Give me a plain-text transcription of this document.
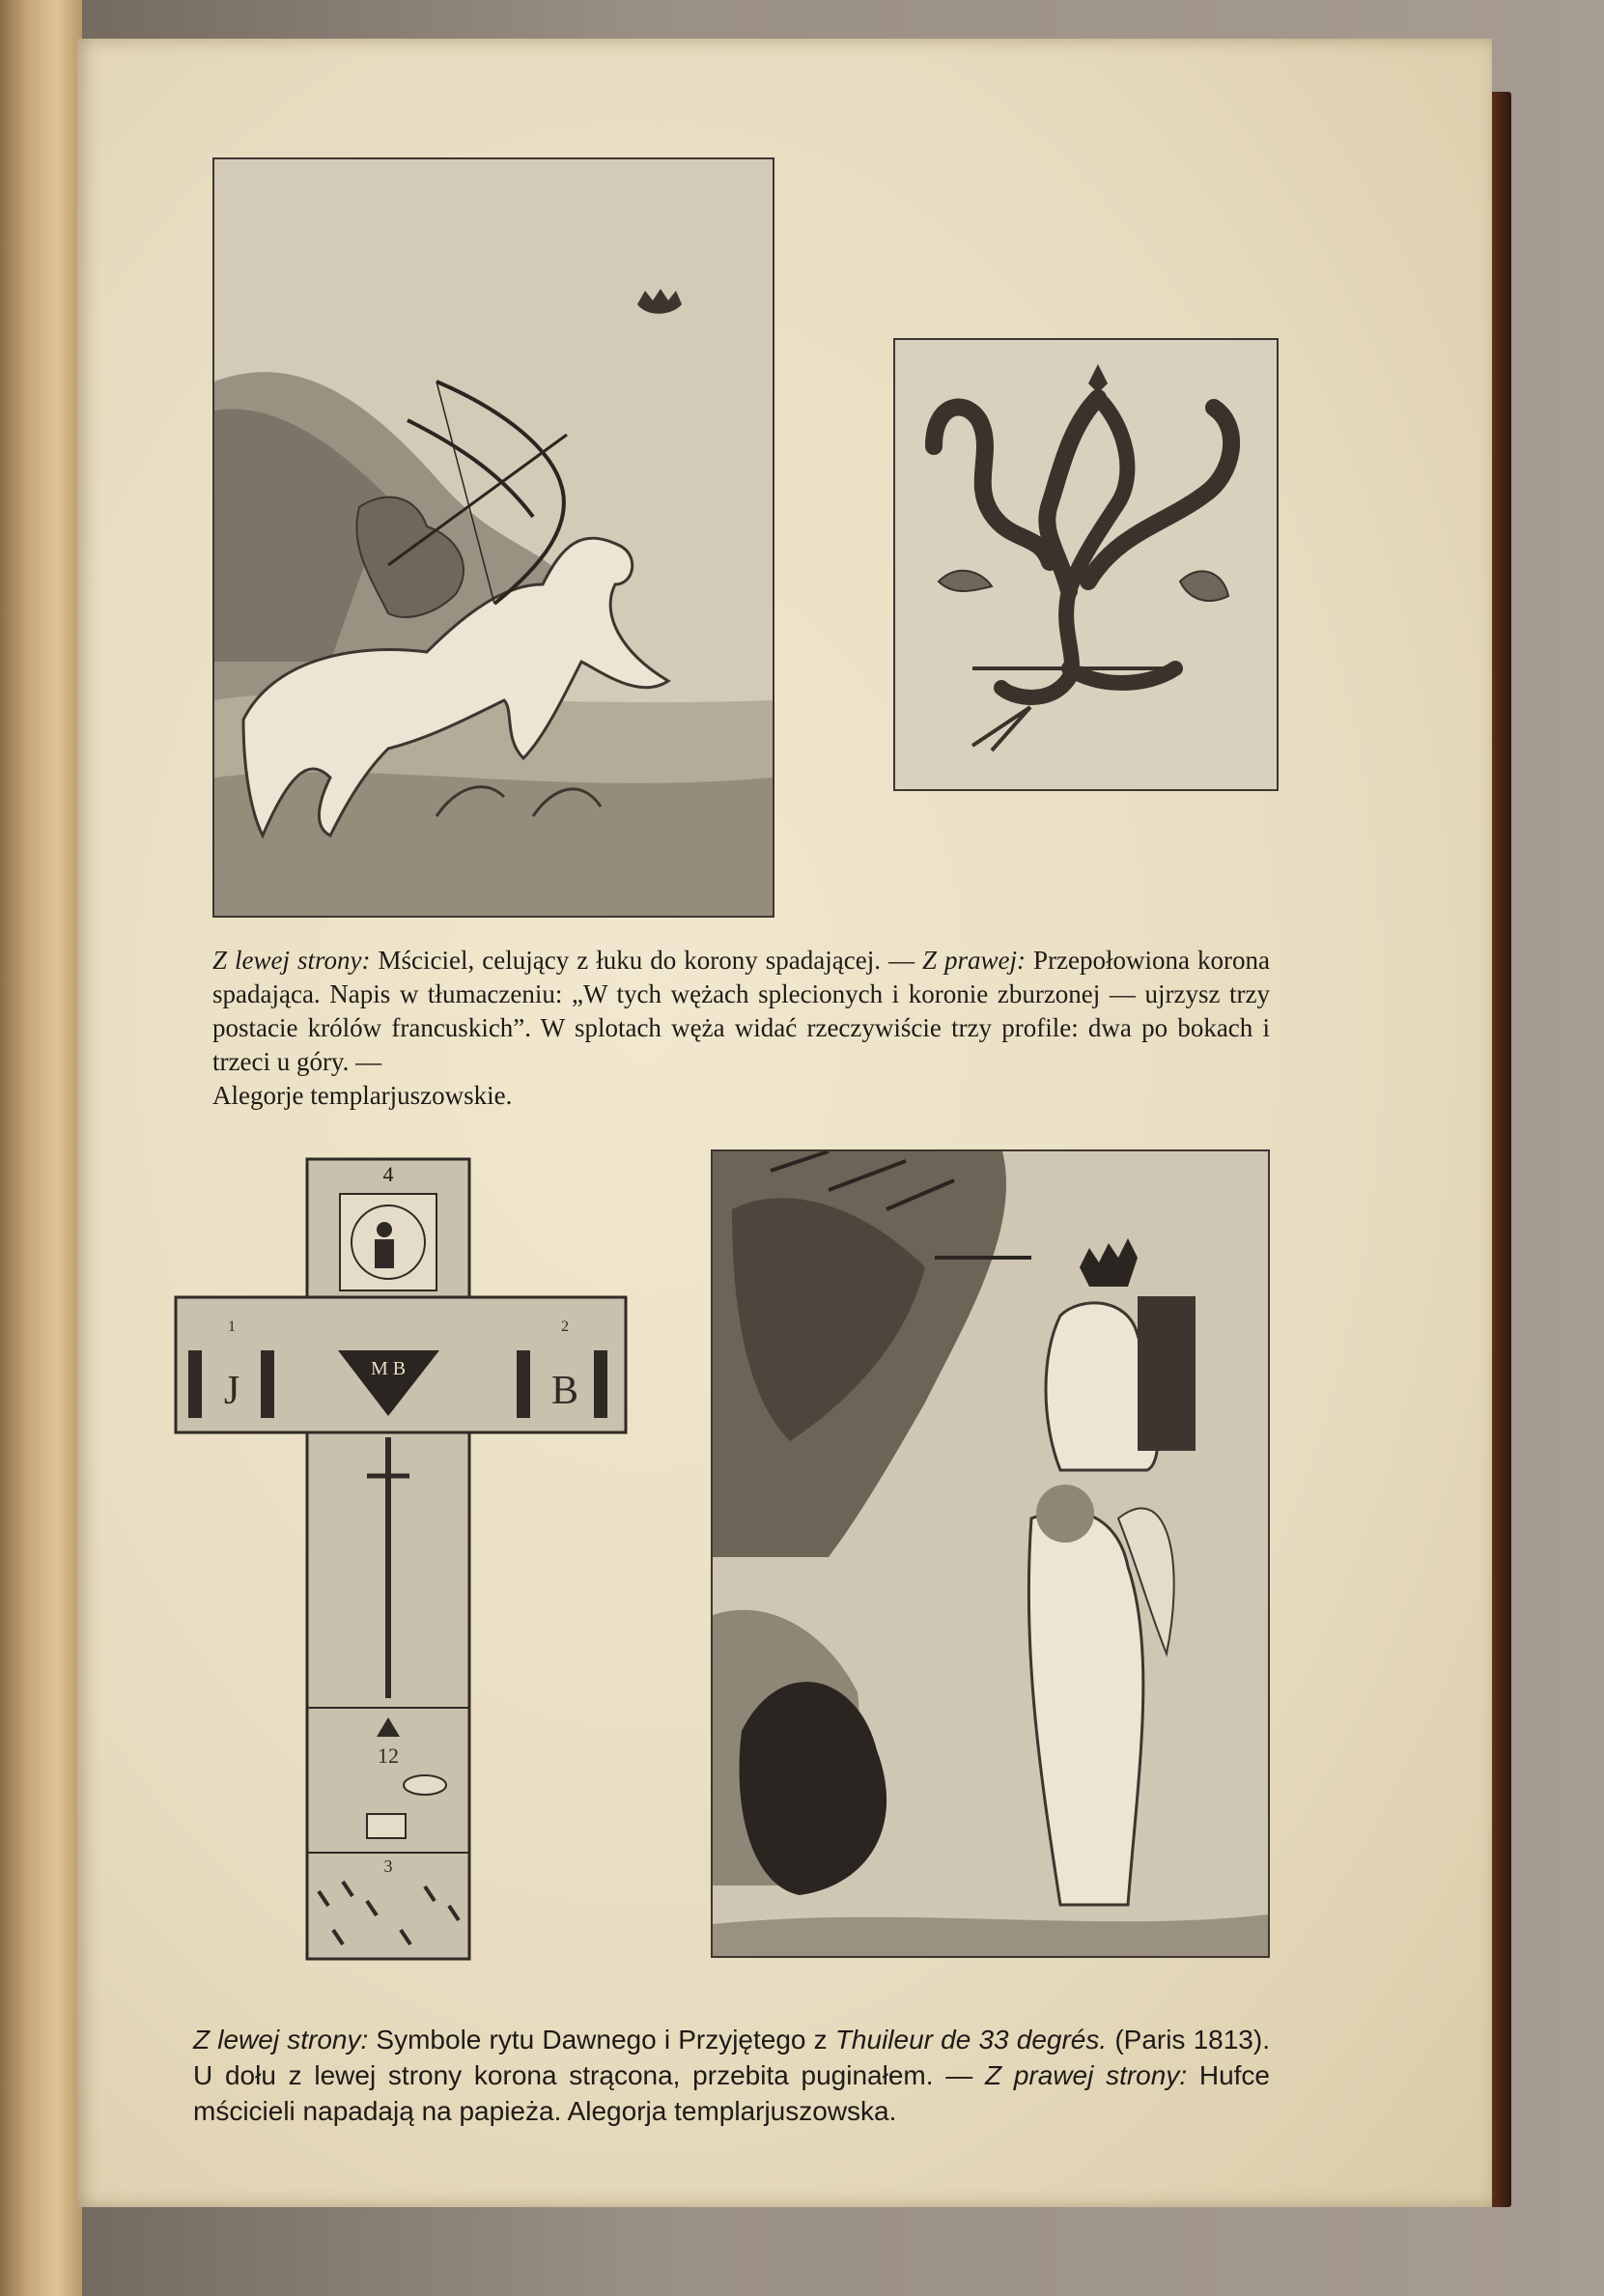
Z lewej strony: Mściciel, celujący z łuku do korony spadającej. — Z prawej: Przepołowiona korona spadająca. Napis w tłumaczeniu: „W tych wężach splecionych i koronie zburzonej — ujrzysz trzy postacie królów francuskich”. W splotach węża widać rzeczywiście trzy profile: dwa po bokach i trzeci u góry. —
Alegorje templarjuszowskie.

4
J	B
1	2
M B
12
3

Z lewej strony: Symbole rytu Dawnego i Przyjętego z Thuileur de 33 degrés. (Paris 1813). U dołu z lewej strony korona strącona, przebita puginałem. — Z prawej strony: Hufce mścicieli napadają na papieża. Alegorja templarjuszowska.
